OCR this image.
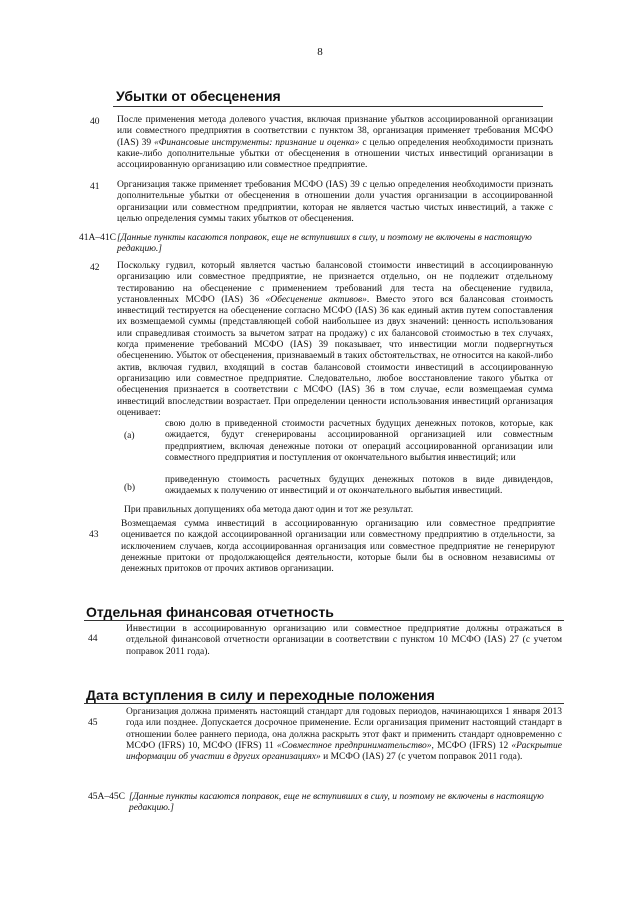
8
Убытки от обесценения
40 После применения метода долевого участия, включая признание убытков ассоциированной организации или совместного предприятия в соответствии с пунктом 38, организация применяет требования МСФО (IAS) 39 «Финансовые инструменты: признание и оценка» с целью определения необходимости признать какие-либо дополнительные убытки от обесценения в отношении чистых инвестиций организации в ассоциированную организацию или совместное предприятие.
41 Организация также применяет требования МСФО (IAS) 39 с целью определения необходимости признать дополнительные убытки от обесценения в отношении доли участия организации в ассоциированной организации или совместном предприятии, которая не является частью чистых инвестиций, а также с целью определения суммы таких убытков от обесценения.
41А–41С [Данные пункты касаются поправок, еще не вступивших в силу, и поэтому не включены в настоящую редакцию.]
42 Поскольку гудвил, который является частью балансовой стоимости инвестиций в ассоциированную организацию или совместное предприятие, не признается отдельно, он не подлежит отдельному тестированию на обесценение с применением требований для теста на обесценение гудвила, установленных МСФО (IAS) 36 «Обесценение активов». Вместо этого вся балансовая стоимость инвестиций тестируется на обесценение согласно МСФО (IAS) 36 как единый актив путем сопоставления их возмещаемой суммы (представляющей собой наибольшее из двух значений: ценность использования или справедливая стоимость за вычетом затрат на продажу) с их балансовой стоимостью в тех случаях, когда применение требований МСФО (IAS) 39 показывает, что инвестиции могли подвергнуться обесценению. Убыток от обесценения, признаваемый в таких обстоятельствах, не относится на какой-либо актив, включая гудвил, входящий в состав балансовой стоимости инвестиций в ассоциированную организацию или совместное предприятие. Следовательно, любое восстановление такого убытка от обесценения признается в соответствии с МСФО (IAS) 36 в том случае, если возмещаемая сумма инвестиций впоследствии возрастает. При определении ценности использования инвестиций организация оценивает:
(a)
свою долю в приведенной стоимости расчетных будущих денежных потоков, которые, как ожидается, будут сгенерированы ассоциированной организацией или совместным предприятием, включая денежные потоки от операций ассоциированной организации или совместного предприятия и поступления от окончательного выбытия инвестиций; или
(b)
приведенную стоимость расчетных будущих денежных потоков в виде дивидендов, ожидаемых к получению от инвестиций и от окончательного выбытия инвестиций.
При правильных допущениях оба метода дают один и тот же результат.
43
Возмещаемая сумма инвестиций в ассоциированную организацию или совместное предприятие оценивается по каждой ассоциированной организации или совместному предприятию в отдельности, за исключением случаев, когда ассоциированная организация или совместное предприятие не генерируют денежные притоки от продолжающейся деятельности, которые были бы в основном независимы от денежных притоков от прочих активов организации.
Отдельная финансовая отчетность
44
Инвестиции в ассоциированную организацию или совместное предприятие должны отражаться в отдельной финансовой отчетности организации в соответствии с пунктом 10 МСФО (IAS) 27 (с учетом поправок 2011 года).
Дата вступления в силу и переходные положения
45
Организация должна применять настоящий стандарт для годовых периодов, начинающихся 1 января 2013 года или позднее. Допускается досрочное применение. Если организация применит настоящий стандарт в отношении более раннего периода, она должна раскрыть этот факт и применить стандарт одновременно с МСФО (IFRS) 10, МСФО (IFRS) 11 «Совместное предпринимательство», МСФО (IFRS) 12 «Раскрытие информации об участии в других организациях» и МСФО (IAS) 27 (с учетом поправок 2011 года).
45А–45С [Данные пункты касаются поправок, еще не вступивших в силу, и поэтому не включены в настоящую редакцию.]
